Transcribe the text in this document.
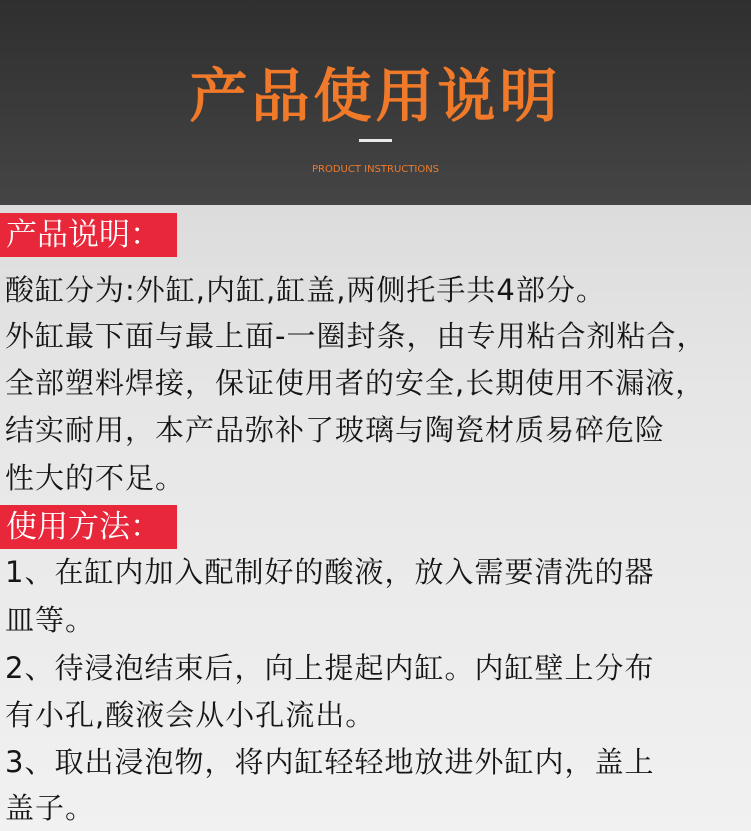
产品使用说明
PRODUCT INSTRUCTIONS
产品说明：
酸缸分为:外缸,内缸,缸盖,两侧托手共4部分。
外缸最下面与最上面-一圈封条，由专用粘合剂粘合，
全部塑料焊接，保证使用者的安全,长期使用不漏液，
结实耐用，本产品弥补了玻璃与陶瓷材质易碎危险
性大的不足。
使用方法：
1、在缸内加入配制好的酸液，放入需要清洗的器
皿等。
2、待浸泡结束后，向上提起内缸。内缸壁上分布
有小孔,酸液会从小孔流出。
3、取出浸泡物，将内缸轻轻地放进外缸内，盖上
盖子。
